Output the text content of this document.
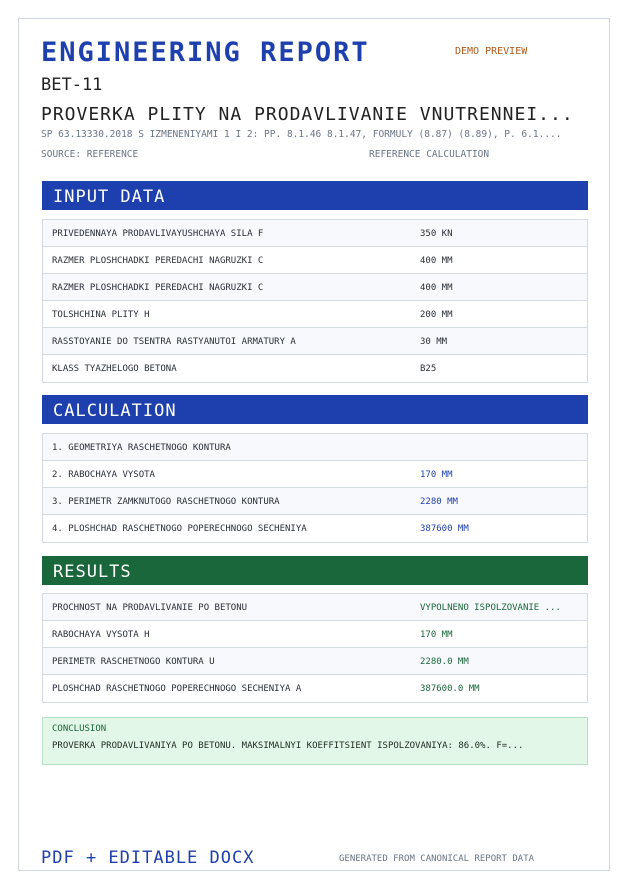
ENGINEERING REPORT	DEMO PREVIEW
BET-11
PROVERKA PLITY NA PRODAVLIVANIE VNUTRENNEI...
SP 63.13330.2018 S IZMENENIYAMI 1 I 2: PP. 8.1.46 8.1.47, FORMULY (8.87) (8.89), P. 6.1....
SOURCE: REFERENCE	REFERENCE CALCULATION
INPUT DATA
PRIVEDENNAYA PRODAVLIVAYUSHCHAYA SILA F	350 KN
RAZMER PLOSHCHADKI PEREDACHI NAGRUZKI C	400 MM
RAZMER PLOSHCHADKI PEREDACHI NAGRUZKI C	400 MM
TOLSHCHINA PLITY H	200 MM
RASSTOYANIE DO TSENTRA RASTYANUTOI ARMATURY A	30 MM
KLASS TYAZHELOGO BETONA	B25
CALCULATION
1. GEOMETRIYA RASCHETNOGO KONTURA
2. RABOCHAYA VYSOTA	170 MM
3. PERIMETR ZAMKNUTOGO RASCHETNOGO KONTURA	2280 MM
4. PLOSHCHAD RASCHETNOGO POPERECHNOGO SECHENIYA	387600 MM
RESULTS
PROCHNOST NA PRODAVLIVANIE PO BETONU	VYPOLNENO ISPOLZOVANIE ...
RABOCHAYA VYSOTA H	170 MM
PERIMETR RASCHETNOGO KONTURA U	2280.0 MM
PLOSHCHAD RASCHETNOGO POPERECHNOGO SECHENIYA A	387600.0 MM
CONCLUSION
PROVERKA PRODAVLIVANIYA PO BETONU. MAKSIMALNYI KOEFFITSIENT ISPOLZOVANIYA: 86.0%. F=...
PDF + EDITABLE DOCX	GENERATED FROM CANONICAL REPORT DATA
